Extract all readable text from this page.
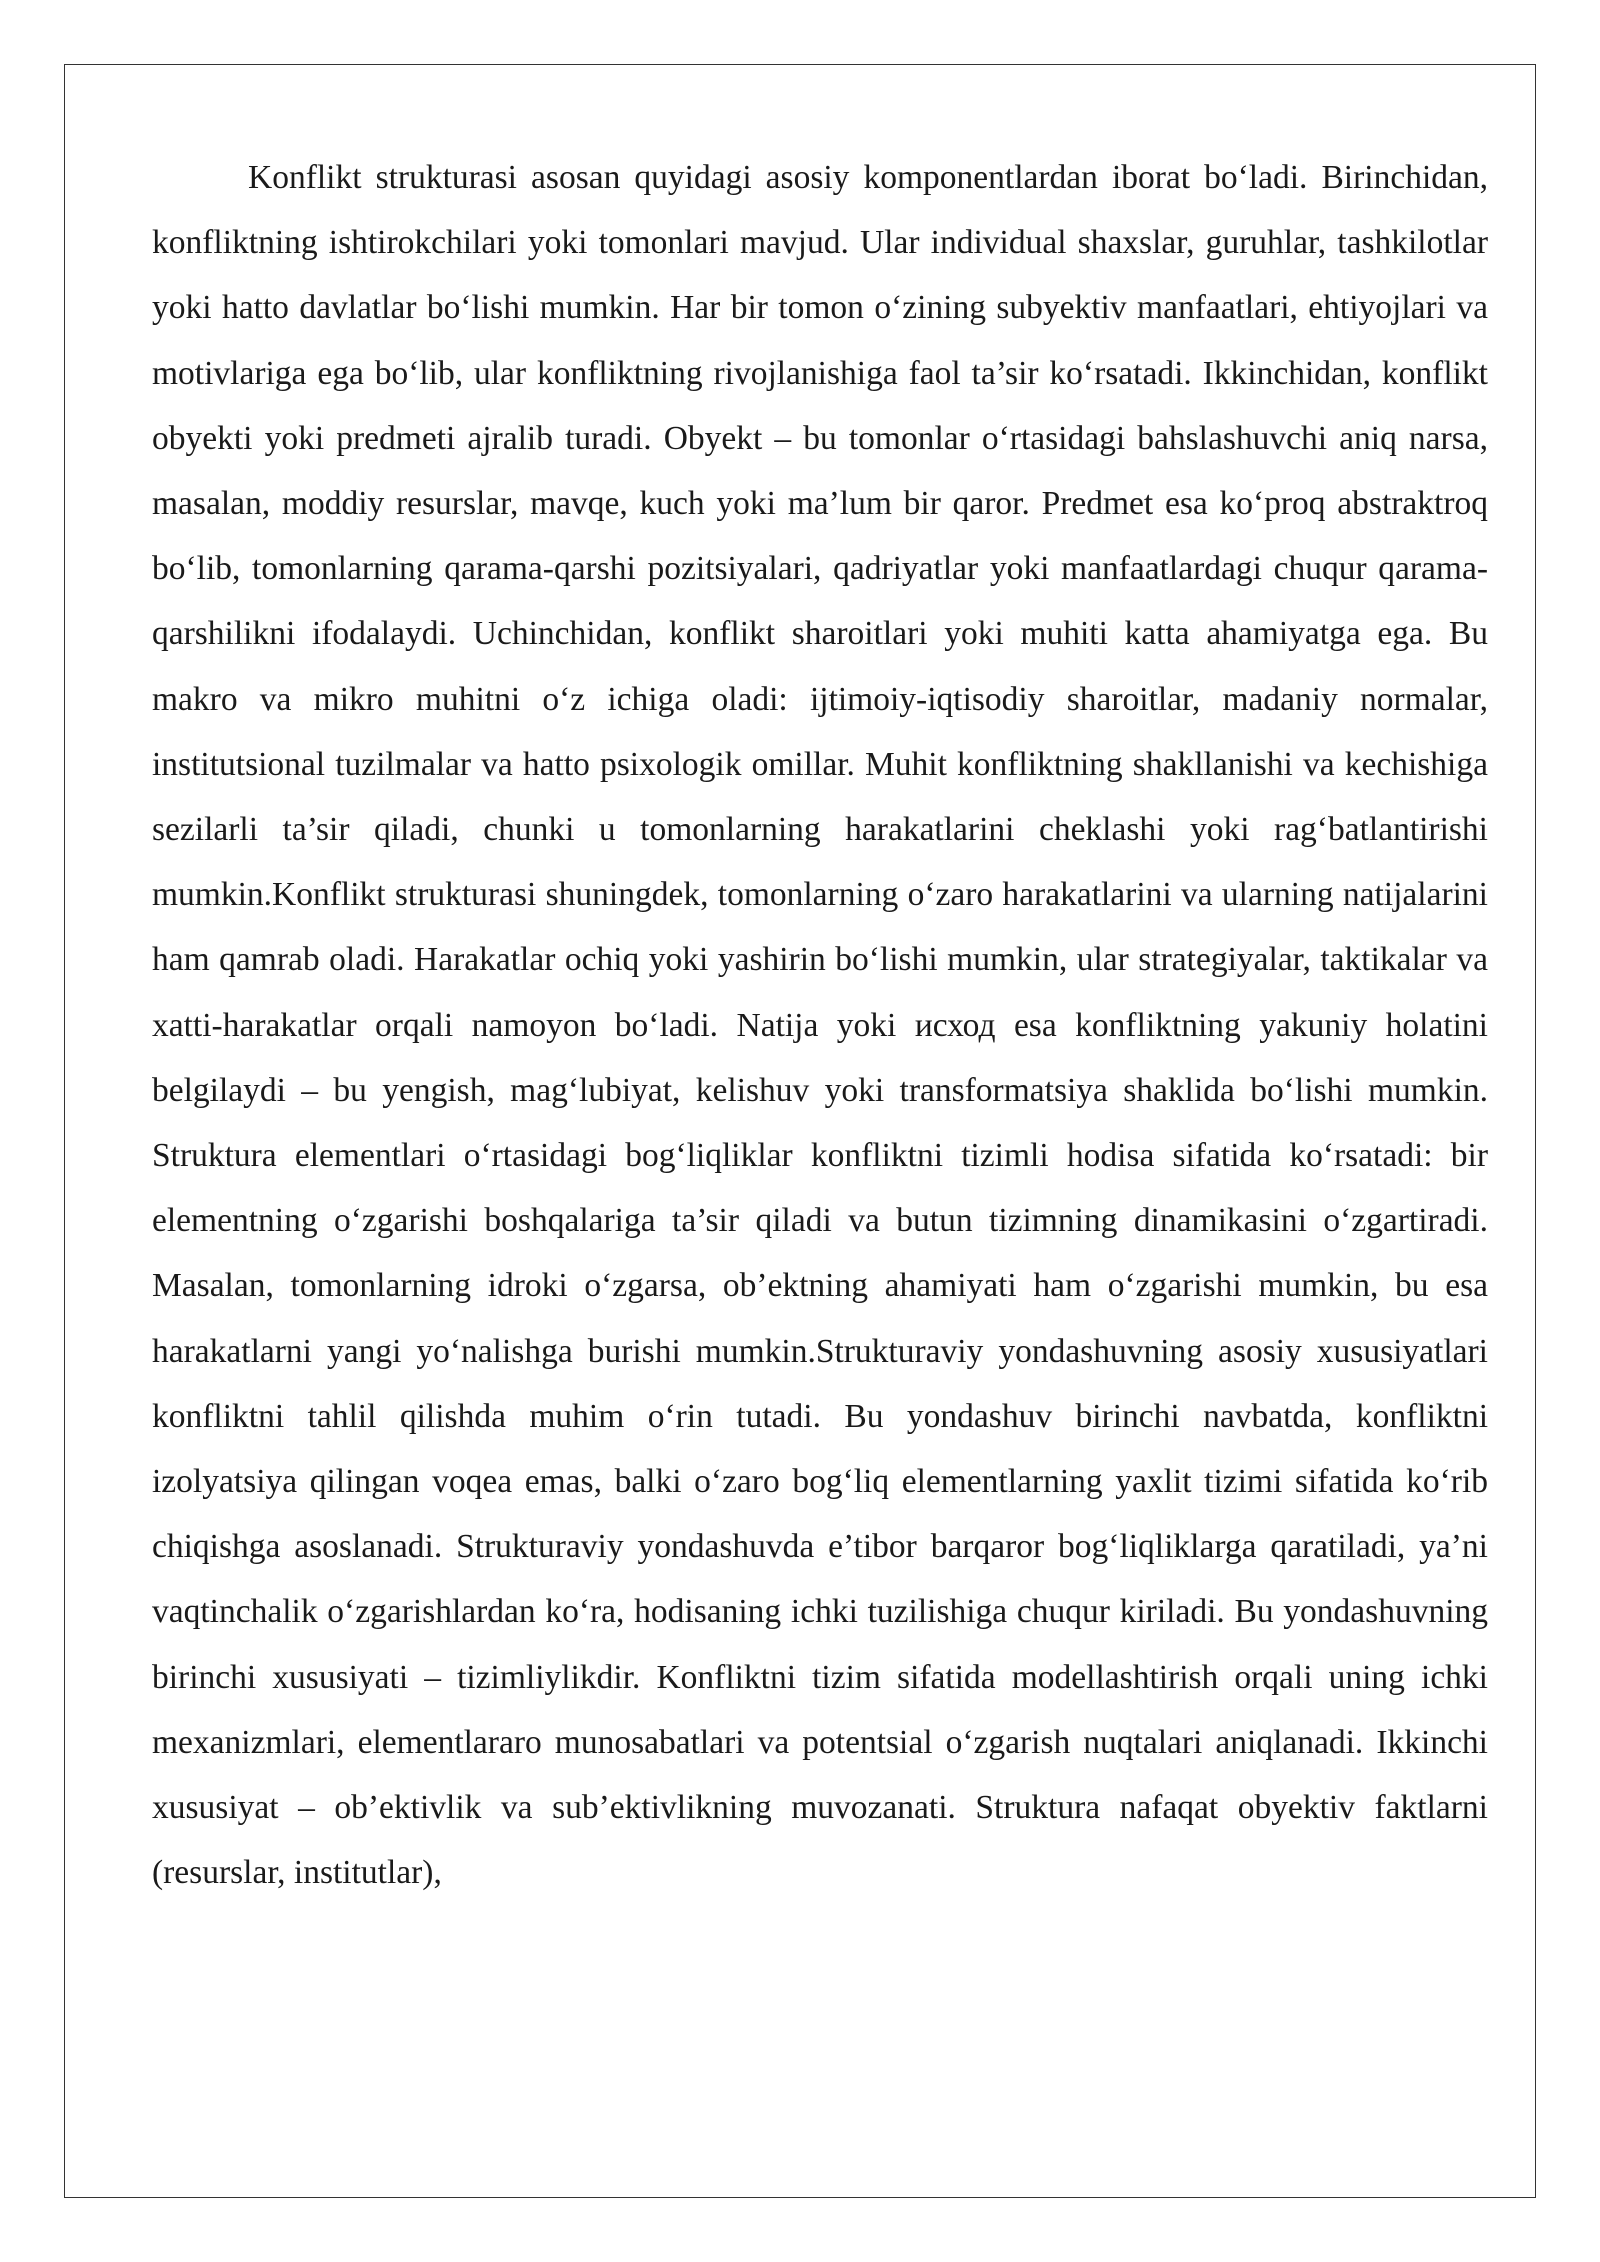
Konflikt strukturasi asosan quyidagi asosiy komponentlardan iborat bo‘ladi. Birinchidan, konfliktning ishtirokchilari yoki tomonlari mavjud. Ular individual shaxslar, guruhlar, tashkilotlar yoki hatto davlatlar bo‘lishi mumkin. Har bir tomon o‘zining subyektiv manfaatlari, ehtiyojlari va motivlariga ega bo‘lib, ular konfliktning rivojlanishiga faol ta’sir ko‘rsatadi. Ikkinchidan, konflikt obyekti yoki predmeti ajralib turadi. Obyekt – bu tomonlar o‘rtasidagi bahslashuvchi aniq narsa, masalan, moddiy resurslar, mavqe, kuch yoki ma’lum bir qaror. Predmet esa ko‘proq abstraktroq bo‘lib, tomonlarning qarama-qarshi pozitsiyalari, qadriyatlar yoki manfaatlardagi chuqur qarama-qarshilikni ifodalaydi. Uchinchidan, konflikt sharoitlari yoki muhiti katta ahamiyatga ega. Bu makro va mikro muhitni o‘z ichiga oladi: ijtimoiy-iqtisodiy sharoitlar, madaniy normalar, institutsional tuzilmalar va hatto psixologik omillar. Muhit konfliktning shakllanishi va kechishiga sezilarli ta’sir qiladi, chunki u tomonlarning harakatlarini cheklashi yoki rag‘batlantirishi mumkin.Konflikt strukturasi shuningdek, tomonlarning o‘zaro harakatlarini va ularning natijalarini ham qamrab oladi. Harakatlar ochiq yoki yashirin bo‘lishi mumkin, ular strategiyalar, taktikalar va xatti-harakatlar orqali namoyon bo‘ladi. Natija yoki исход esa konfliktning yakuniy holatini belgilaydi – bu yengish, mag‘lubiyat, kelishuv yoki transformatsiya shaklida bo‘lishi mumkin. Struktura elementlari o‘rtasidagi bog‘liqliklar konfliktni tizimli hodisa sifatida ko‘rsatadi: bir elementning o‘zgarishi boshqalariga ta’sir qiladi va butun tizimning dinamikasini o‘zgartiradi. Masalan, tomonlarning idroki o‘zgarsa, ob’ektning ahamiyati ham o‘zgarishi mumkin, bu esa harakatlarni yangi yo‘nalishga burishi mumkin.Strukturaviy yondashuvning asosiy xususiyatlari konfliktni tahlil qilishda muhim o‘rin tutadi. Bu yondashuv birinchi navbatda, konfliktni izolyatsiya qilingan voqea emas, balki o‘zaro bog‘liq elementlarning yaxlit tizimi sifatida ko‘rib chiqishga asoslanadi. Strukturaviy yondashuvda e’tibor barqaror bog‘liqliklarga qaratiladi, ya’ni vaqtinchalik o‘zgarishlardan ko‘ra, hodisaning ichki tuzilishiga chuqur kiriladi. Bu yondashuvning birinchi xususiyati – tizimliylikdir. Konfliktni tizim sifatida modellashtirish orqali uning ichki mexanizmlari, elementlararo munosabatlari va potentsial o‘zgarish nuqtalari aniqlanadi. Ikkinchi xususiyat – ob’ektivlik va sub’ektivlikning muvozanati. Struktura nafaqat obyektiv faktlarni (resurslar, institutlar),
